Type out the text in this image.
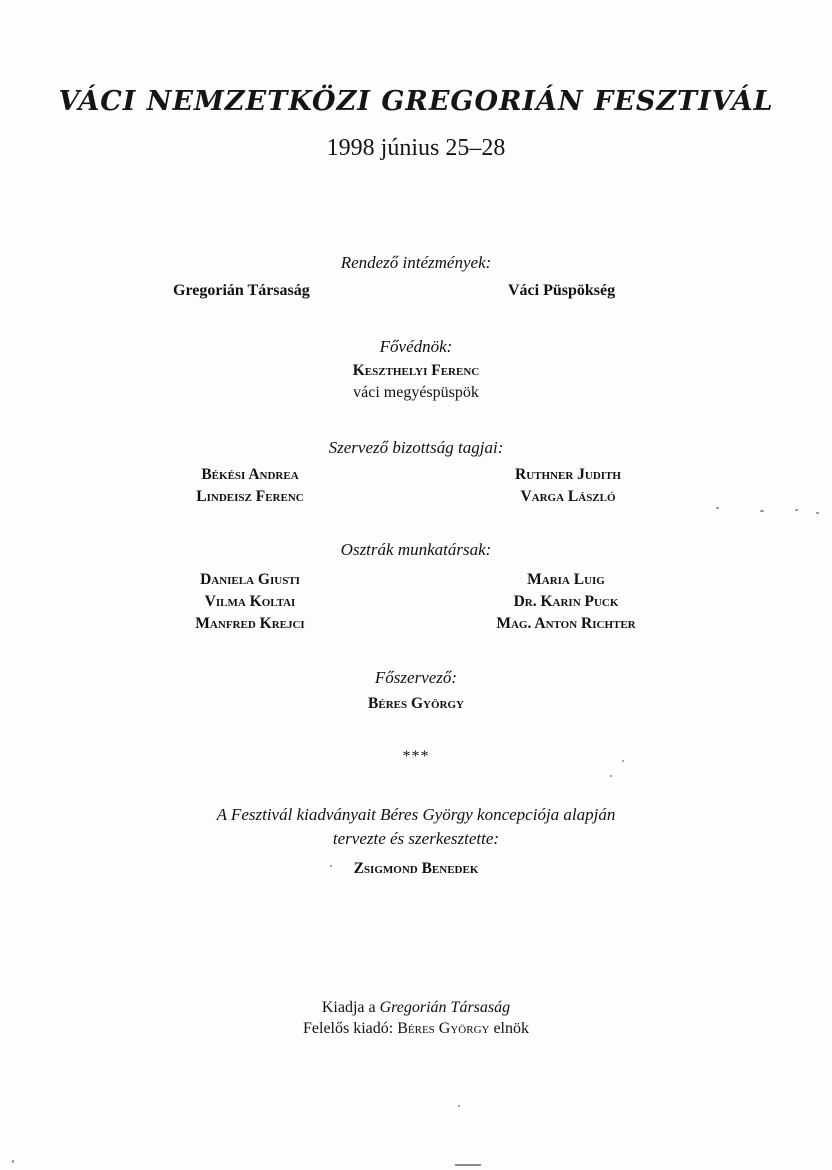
VÁCI NEMZETKÖZI GREGORIÁN FESZTIVÁL
1998 június 25–28
Rendező intézmények:
Gregorián Társaság	Váci Püspökség
Fővédnök:
Keszthelyi Ferenc
váci megyéspüspök
Szervező bizottság tagjai:
Békési Andrea
Lindeisz Ferenc
Ruthner Judith
Varga László
Osztrák munkatársak:
Daniela Giusti
Vilma Koltai
Manfred Krejci
Maria Luig
Dr. Karin Puck
Mag. Anton Richter
Főszervező:
Béres György
***
A Fesztivál kiadványait Béres György koncepciója alapján
tervezte és szerkesztette:
Zsigmond Benedek
Kiadja a Gregorián Társaság
Felelős kiadó: Béres György elnök
